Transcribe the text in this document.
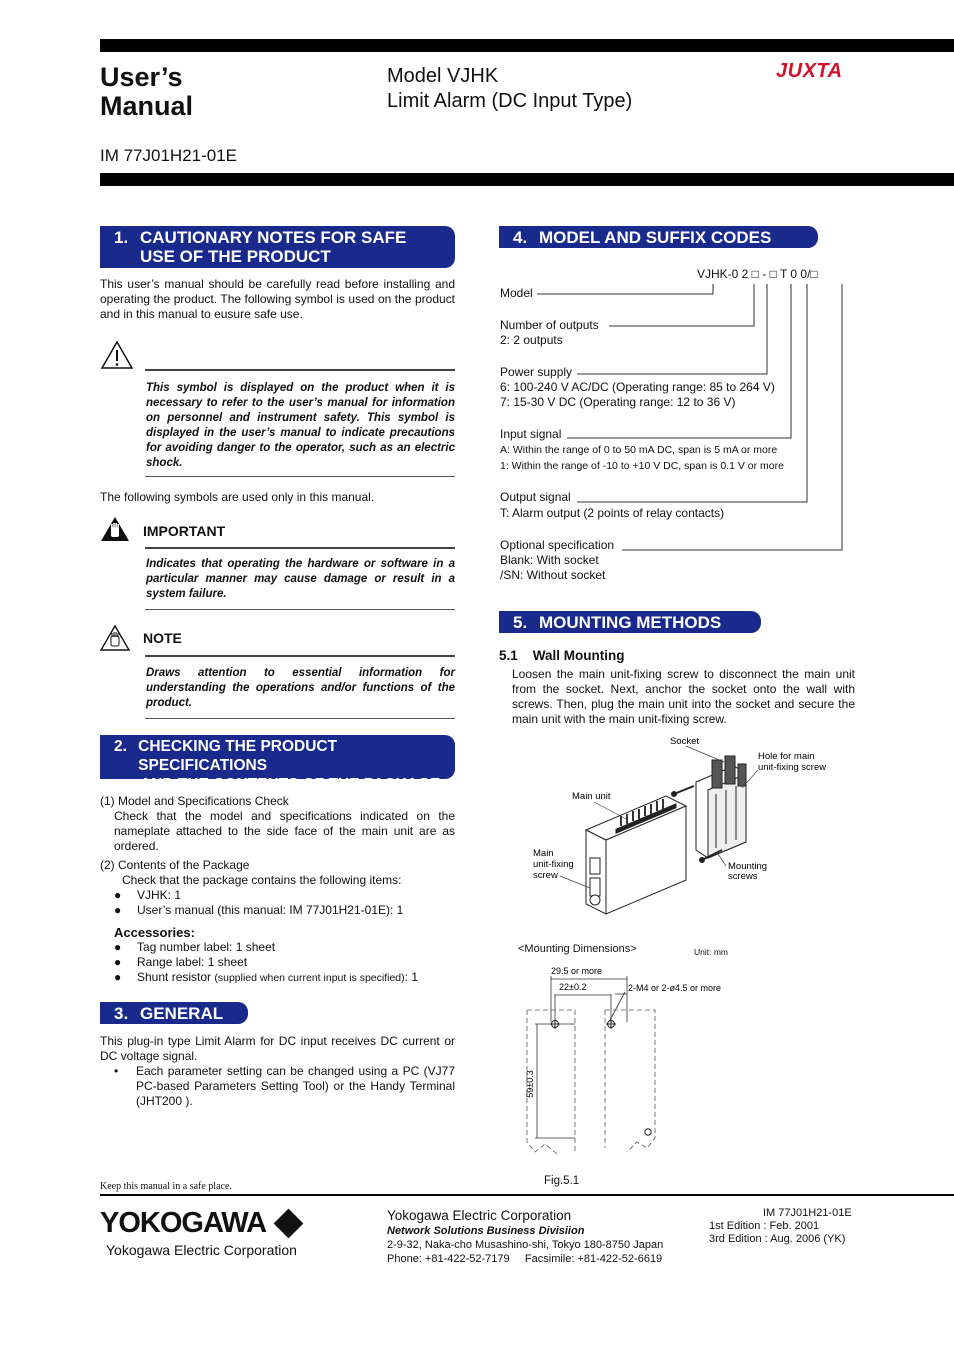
User’s
Manual
Model VJHK
Limit Alarm (DC Input Type)
JUXTA
IM 77J01H21-01E
1. CAUTIONARY NOTES FOR SAFE
USE OF THE PRODUCT
This user’s manual should be carefully read before installing and operating the product. The following symbol is used on the product and in this manual to eusure safe use.
This symbol is displayed on the product when it is necessary to refer to the user’s manual for information on personnel and instrument safety. This symbol is displayed in the user’s manual to indicate precautions for avoiding danger to the operator, such as an electric shock.
The following symbols are used only in this manual.
IMPORTANT
Indicates that operating the hardware or software in a particular manner may cause damage or result in a system failure.
NOTE
Draws attention to essential information for understanding the operations and/or functions of the product.
2. CHECKING THE PRODUCT SPECIFICATIONS
AND THE CONTENTS OF THE PACKAGE
(1) Model and Specifications Check
Check that the model and specifications indicated on the nameplate attached to the side face of the main unit are as ordered.
(2) Contents of the Package
Check that the package contains the following items:
●	VJHK: 1
●	User’s manual (this manual: IM 77J01H21-01E): 1
Accessories:
●	Tag number label: 1 sheet
●	Range label: 1 sheet
●	Shunt resistor (supplied when current input is specified): 1
3. GENERAL
This plug-in type Limit Alarm for DC input receives DC current or DC voltage signal.
•	Each parameter setting can be changed using a PC (VJ77 PC-based Parameters Setting Tool) or the Handy Terminal (JHT200 ).
4. MODEL AND SUFFIX CODES
VJHK-0 2 □ - □ T 0 0/□
Model
Number of outputs
2: 2 outputs
Power supply
6: 100-240 V AC/DC (Operating range: 85 to 264 V)
7: 15-30 V DC (Operating range: 12 to 36 V)
Input signal
A: Within the range of 0 to 50 mA DC, span is 5 mA or more
1: Within the range of -10 to +10 V DC, span is 0.1 V or more
Output signal
T: Alarm output (2 points of relay contacts)
Optional specification
Blank: With socket
/SN: Without socket
5. MOUNTING METHODS
5.1    Wall Mounting
Loosen the main unit-fixing screw to disconnect the main unit from the socket. Next, anchor the socket onto the wall with screws. Then, plug the main unit into the socket and secure the main unit with the main unit-fixing screw.
Socket
Hole for main
unit-fixing screw
Main unit
Main
unit-fixing
screw
Mounting
screws
<Mounting Dimensions>	Unit: mm
29.5 or more
22±0.2	2-M4 or 2-ø4.5 or more
59±0.3
Fig.5.1
Keep this manual in a safe place.
YOKOGAWA
Yokogawa Electric Corporation
Yokogawa Electric Corporation
Network Solutions Business Divisiion
2-9-32, Naka-cho Musashino-shi, Tokyo 180-8750 Japan
Phone: +81-422-52-7179     Facsimile: +81-422-52-6619
IM 77J01H21-01E
1st Edition : Feb. 2001
3rd Edition : Aug. 2006 (YK)
